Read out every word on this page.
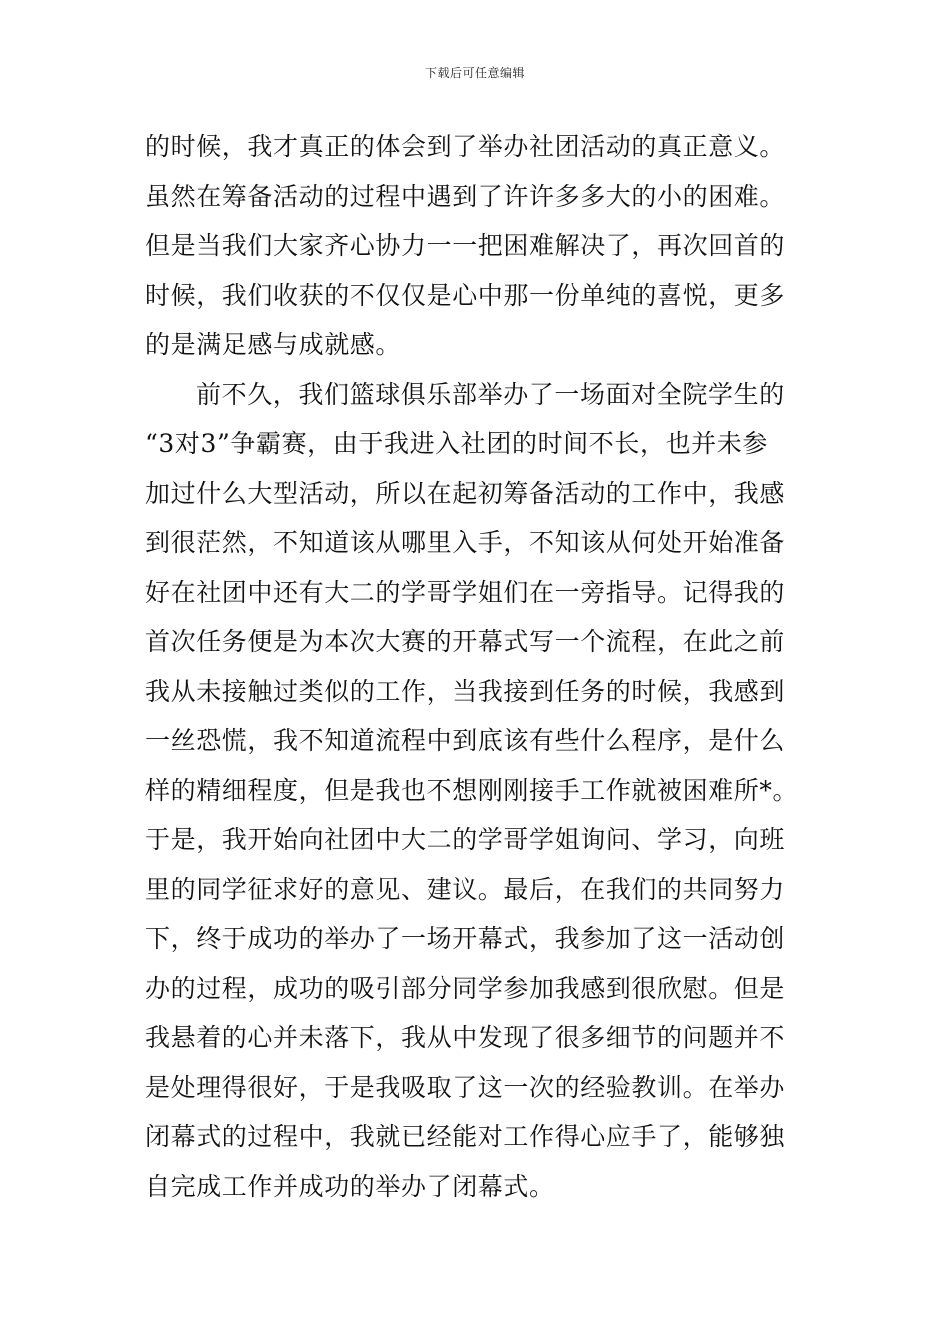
下载后可任意编辑
的时候，我才真正的体会到了举办社团活动的真正意义。
虽然在筹备活动的过程中遇到了许许多多大的小的困难。
但是当我们大家齐心协力一一把困难解决了，再次回首的
时候，我们收获的不仅仅是心中那一份单纯的喜悦，更多
的是满足感与成就感。
前不久，我们篮球俱乐部举办了一场面对全院学生的
“3对3”争霸赛，由于我进入社团的时间不长，也并未参
加过什么大型活动，所以在起初筹备活动的工作中，我感
到很茫然，不知道该从哪里入手，不知该从何处开始准备
好在社团中还有大二的学哥学姐们在一旁指导。记得我的
首次任务便是为本次大赛的开幕式写一个流程，在此之前
我从未接触过类似的工作，当我接到任务的时候，我感到
一丝恐慌，我不知道流程中到底该有些什么程序，是什么
样的精细程度，但是我也不想刚刚接手工作就被困难所*。
于是，我开始向社团中大二的学哥学姐询问、学习，向班
里的同学征求好的意见、建议。最后，在我们的共同努力
下，终于成功的举办了一场开幕式，我参加了这一活动创
办的过程，成功的吸引部分同学参加我感到很欣慰。但是
我悬着的心并未落下，我从中发现了很多细节的问题并不
是处理得很好，于是我吸取了这一次的经验教训。在举办
闭幕式的过程中，我就已经能对工作得心应手了，能够独
自完成工作并成功的举办了闭幕式。
